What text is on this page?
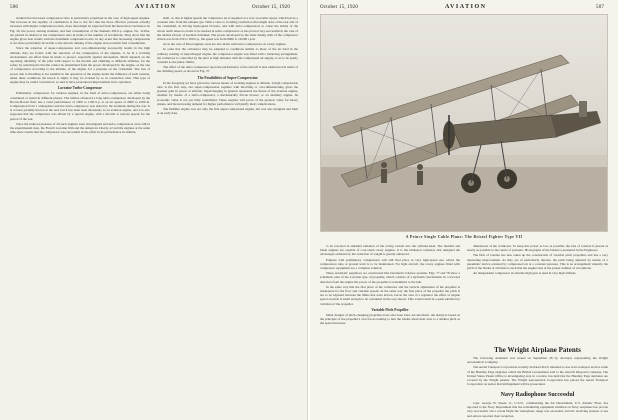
506	AVIATION	October 15, 1920

studied that increased compression ratio is particularly propitious in the case of high-speed engines. The increase in the rapidity of combustion is due to the fact that the more effective pressure actually increases with higher compression ratios, more than might be expected from the theoretical conclusion. In Fig. 26, the power, turning moment, and fuel consumption of the Siemens 290 h.p. engine, No. 3120A, are plotted in relation to the compression ratio in terms of the number of revolutions. They show that the engine gives best results with the maximum compression ratio, in any event that increasing compression is not more particularly favorable to the smooth running of the engine and economic fuel consumption.

Since the adoption of super-compression and over-dimensioning necessarily results in the high altitude, they are found, with the selection of the compression of the engines, to be in a working environment. An effort must be made to protect, especially against detonations. Much depends on the operating reliability of the pilot with respect to the throttle and climbing at different altitudes, for the safety by reducing the throttle cannot be determined from the power developed by the engine, as the rate of compression according to the altitude, of the engine, for a pressure on the crankshaft. The loss of power due to throttling is not sensible in the operation of the engine under the influence of such rotation, under these conditions the knock is slight; it may be avoided by so in connection with. This type of engine may be called 'overdrived,' so said to have pronounced improvement in its operation.

Lorraine Turbo-Compressor

Preliminary compressors for aviation engines, in the form of turbo-compressors, are either being considered or tested in different phases. The turbine advanced a long turbo-compressor developed by the Brown-Boveri firm, has a rated performance of 1000 to 1100 h.p. at an air speed of 2000 to 2500 m. Compression from 1 atmosphere and the turbo-compressor was tested by the Germans during the war. It is at least partially known at the end, but it has been used alternately as an aviation engine, and it is also supposed that the compressor was driven by a special engine, with a throttle at various speeds for the period of the war.

Since the induced pressure of all such engines were investigated and turbo-compressors were still in the experimental state, the French Lorraine firm and the American Liberty-12 and the engines at the same time show results that the compressor was successful in the effort in its performance in altitude.

shaft, so that at higher speeds the compressor air is supplied at a very economic speed, which leaves a constant ratio from the exhaust gas. With a view to avoiding rarefaction that might arise at the rear end of the crankshaft, in driving high-speed blowers, and with turbo-compressors to cause the ability of the whole outfit takes no doubt to be desired in turbo-compressors as has proved very successful in the case of the turbine blower of German Schenkel. The power developed by the latter during trials of the compressor driven was from 250 to 300 h.p., the speed was from 8000 to 16,000 r.p.m.

As in the case of fixed engines, tests are also made with turbo-compressors on rotary engines.

In order that the carburetor may be adjusted to conditions similar to those of the air tried in the ordinary reading of supercharged engine, the compressor engine was fitted with a balancing arrangement, the carburetor is controlled by the pilot at high altitudes with the compressed air supply, so as to be nearly constant as the plane climbs.

The effect of the turbo-compressor upon the performance of the aircraft is best understood in terms of the climbing speed, as shown in Fig. 27.

The Possibilities of Super-Compression

In the foregoing we have given the various means of working engines at altitude. A high compression ratio is the first step, but super-compression together with throttling or over-dimensioning gives the greatest gain in power at altitude. Supercharging in general represents the future of the aviation engine, whether by means of a turbo-compressor, a mechanically driven blower, or an auxiliary engine. Its economic value is not yet fully established. These engines will prove of the greatest value for heavy planes, and the increasing demand for higher performance will justify their complications.

The Dalmler engine was not only the first super-compressed engine, but was also designed and built at an early date.

October 15, 1920	AVIATION	507
A Prince Single Cable Plane: The Bristol Fighter Type VII

to be resolved in shielded radiation of the racing variant into the cylinder-head. The thermal and blade engines are capable of over-sized rotary engines. It is the Ordnance tendency that designed the advantages obtained by the reduction of weight is greatly enhanced.

Engines with preliminary compression will still find place in very high-speed use, where the compression ratio at ground level is to be maintained. For light aircraft, the rotary engines fitted with compressor equipment are a complete solution.

These automatic regulators are constructed like barometric balance systems. Figs. 77 and 78 show a schematic plan of the Lorraine type of propeller, which consists of a hydraulic mechanism. In a forward direction from the engine the power of the propeller is transmitted to the hub.

In the same way that the first place of the carburetor and the vertical adjustment of the propeller is inadequate for the flow and variable speeds. In the same way the first place of the propeller the pitch is not to be adjusted between the limits that were shown, but in the case of a regulator the effect of engine speed on pitch is small enough to be calculated in the way shown. This would result in a quite satisfactory variation of the propeller.

Variable Pitch Propeller

Other designs of pitch-changing propellers have also been tried. An automatic, the design is based on the principle of the propeller's own forces tending to turn the blades about their axes to a smaller pitch as the speed increases.

dimensions of the crankcase. To keep this power as low as possible, the axis of rotation is placed as nearly as possible to the centre of pressure. Photographs of the blades is presented in the Engineers.

The firm of Gerstle has also taken up the construction of variable pitch propellers and has a very interesting improvement. As they are of particularly interest, the pitch being adjusted by means of a pneumatic device actuated by compressed air at a constant pressure. This is an arrangement whereby the pitch of the blades at all times is such that the engine runs at the proper number of revolutions.

An independent compressor in extreme high gear is used in very high altitude.

The Wright Airplane Patents

The following statement was issued on September 28 by attorneys representing the Wright Aeronautical Company.

The Aerial Transport Corporation recently declared that it intended to use in its transport service some of the Handley Page airplanes which the British Government sold to the Aircraft Disposal Company. The United States Patent Office is investigating and, in a notice, has held that the Handley Page airplanes are covered by the Wright patents. The Wright Aeronautical Corporation has placed the Aerial Transport Corporation on notice that infringement will be prosecuted.

Navy Radiophone Successful

Capt. George W. Steele, Jr., U.S.N., commanding the Air Detachment, U.S. Atlantic Fleet, has reported to the Navy Department that the transmitting equipment installed on Navy seaplanes has proven very successful. On a recent flight the radiophone range was exceeded, and the receiving stations at sea and ashore reported clear reception.
